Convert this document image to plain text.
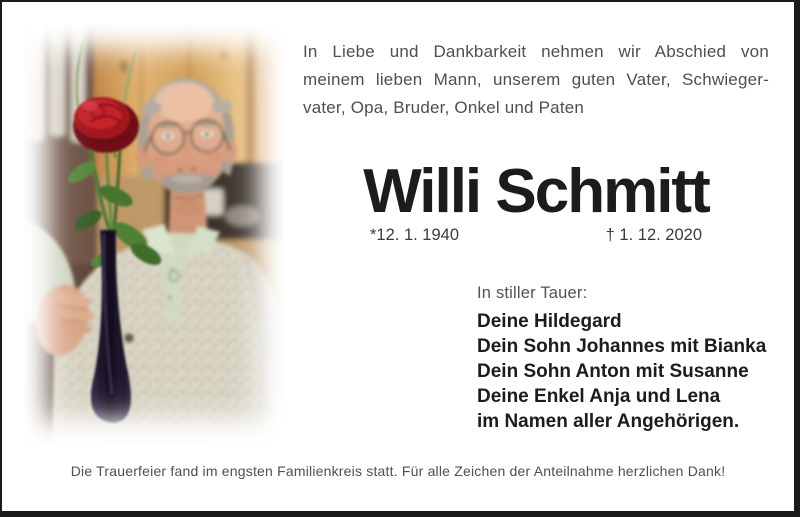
In Liebe und Dankbarkeit nehmen wir Abschied von
meinem lieben Mann, unserem guten Vater, Schwieger-
vater, Opa, Bruder, Onkel und Paten
Willi Schmitt
*12. 1. 1940	† 1. 12. 2020
In stiller Tauer:
Deine Hildegard
Dein Sohn Johannes mit Bianka
Dein Sohn Anton mit Susanne
Deine Enkel Anja und Lena
im Namen aller Angehörigen.
Die Trauerfeier fand im engsten Familienkreis statt. Für alle Zeichen der Anteilnahme herzlichen Dank!
